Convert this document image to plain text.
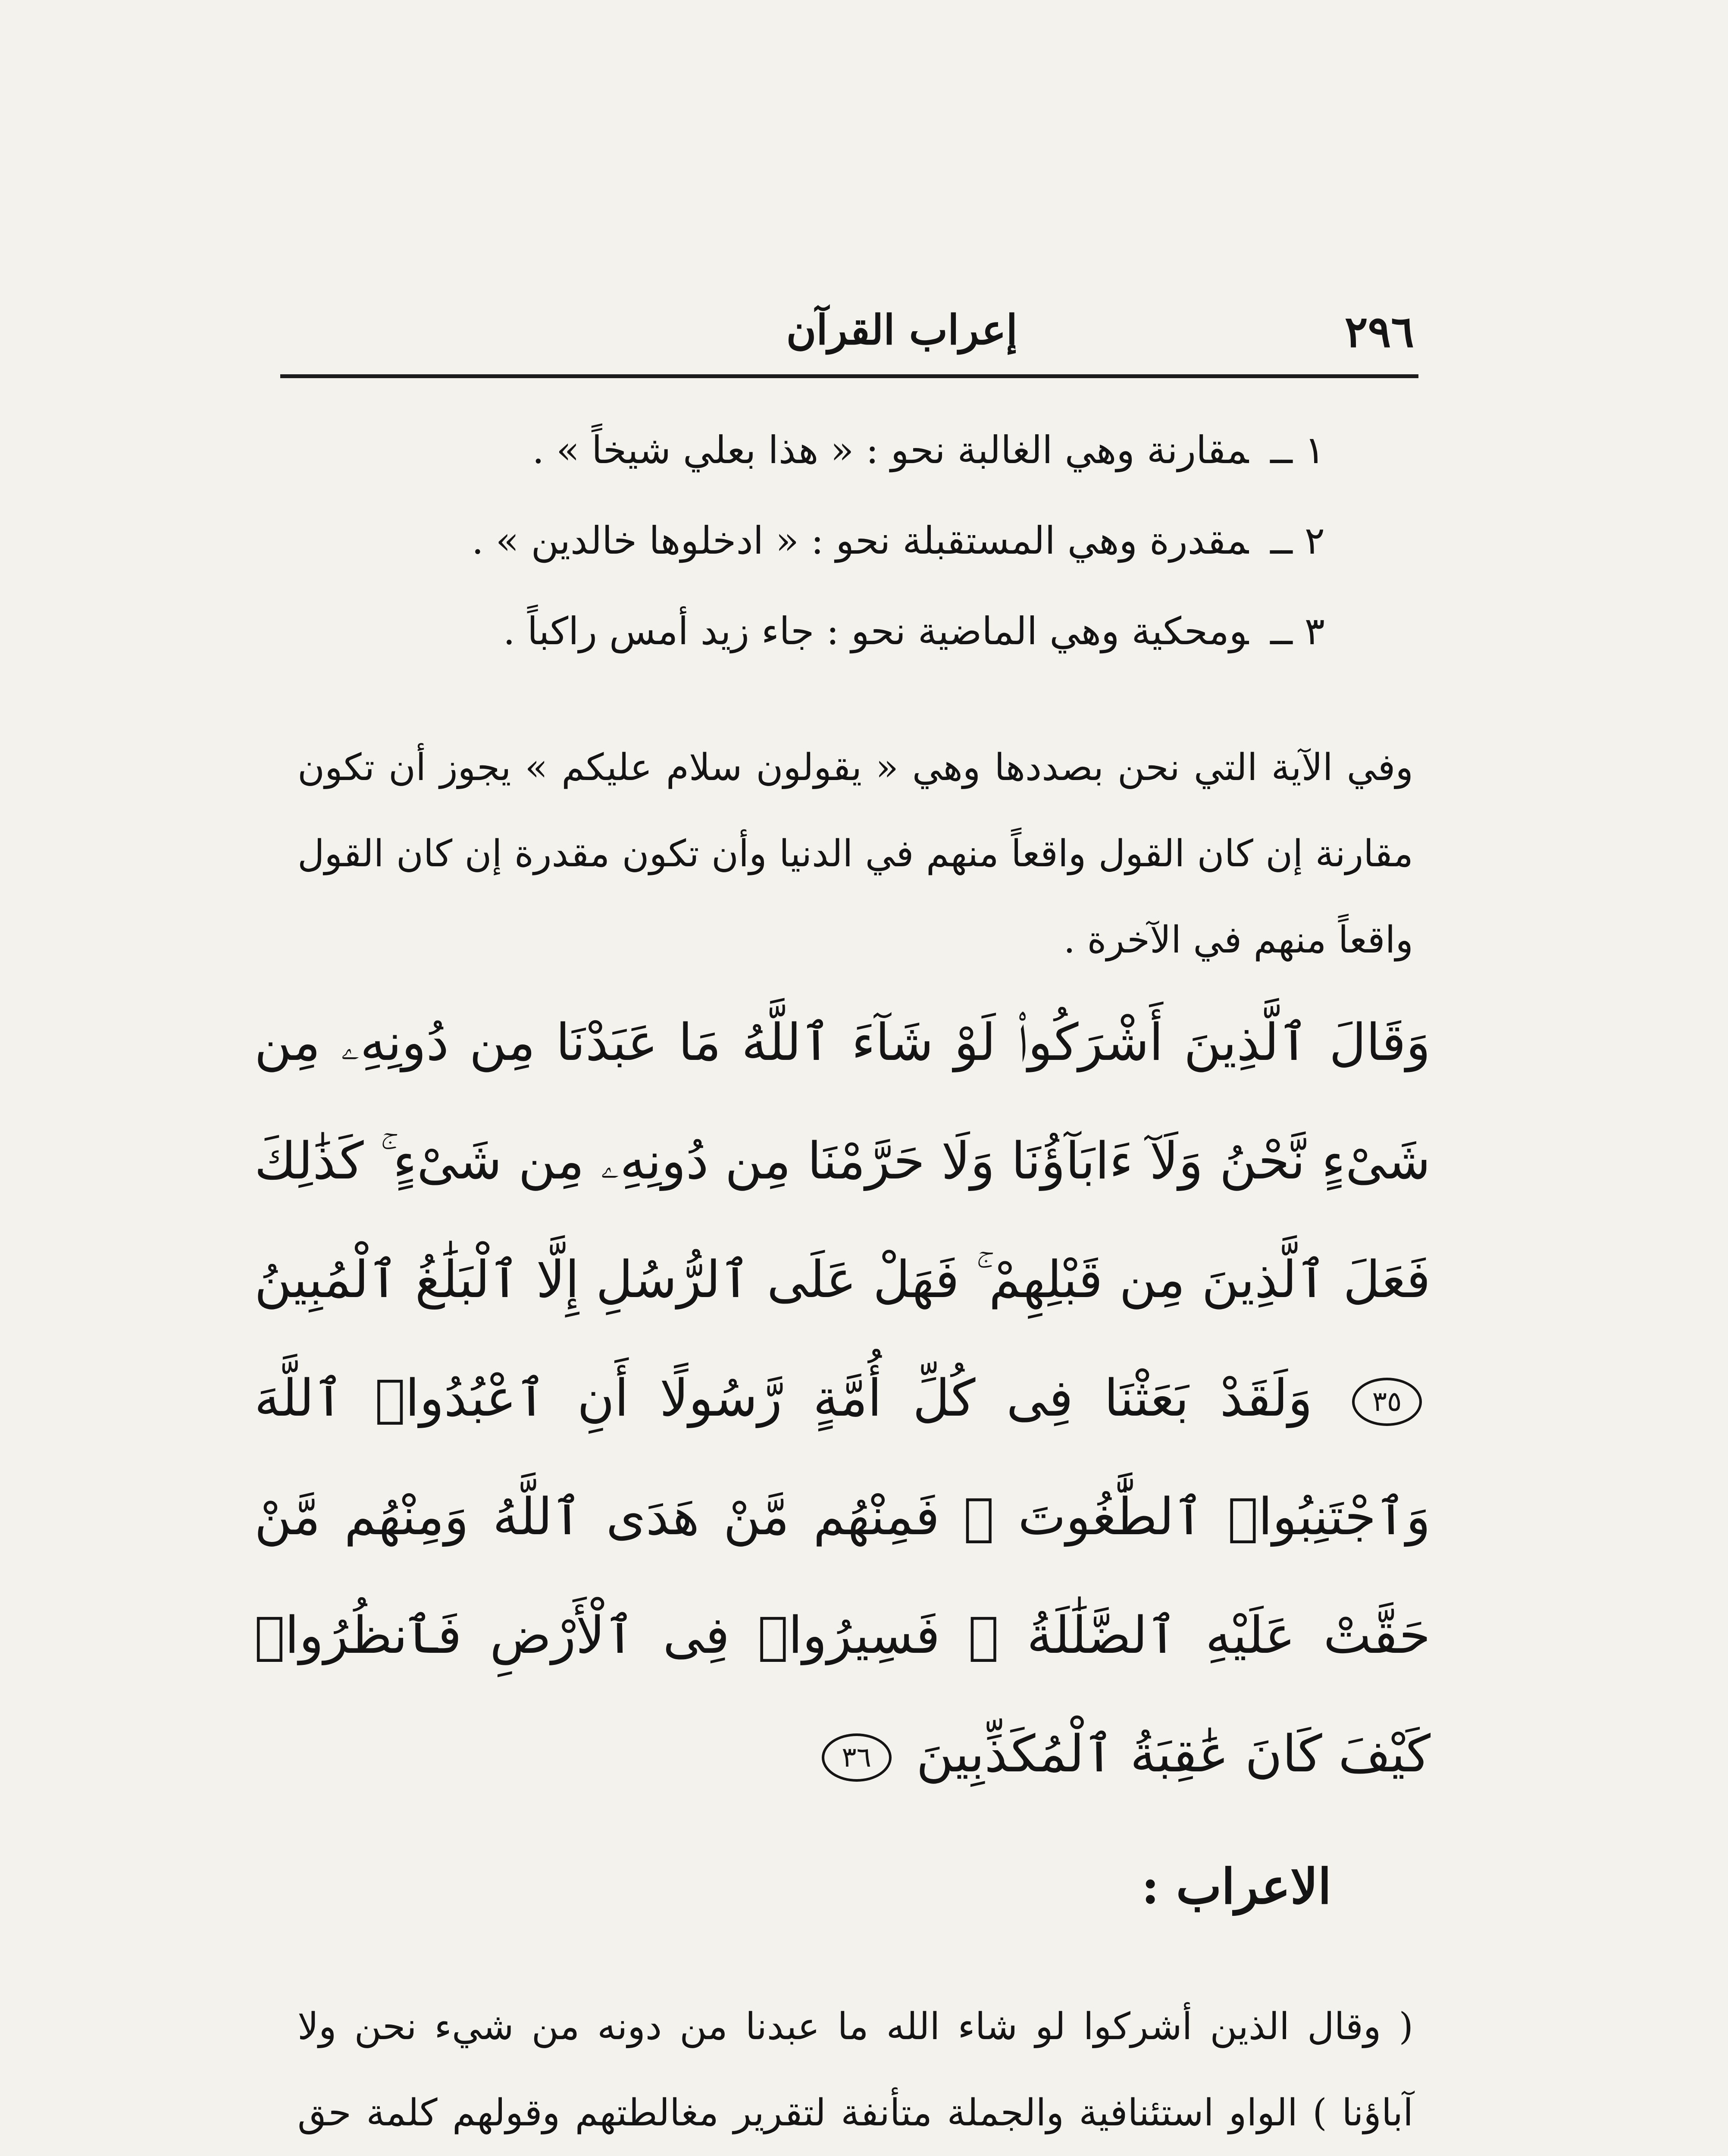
٢٩٦
إعراب القرآن
١ ــمقارنة وهي الغالبة نحو : « هذا بعلي شيخاً » .
٢ ــمقدرة وهي المستقبلة نحو : « ادخلوها خالدين » .
٣ ــومحكية وهي الماضية نحو : جاء زيد أمس راكباً .
وفي الآية التي نحن بصددها وهي « يقولون سلام عليكم » يجوز أن تكون مقارنة إن كان القول واقعاً منهم في الدنيا وأن تكون مقدرة إن كان القول واقعاً منهم في الآخرة .
وَقَالَ ٱلَّذِينَ أَشْرَكُوا۟ لَوْ شَآءَ ٱللَّهُ مَا عَبَدْنَا مِن دُونِهِۦ مِن شَىْءٍ نَّحْنُ وَلَآ ءَابَآؤُنَا وَلَا حَرَّمْنَا مِن دُونِهِۦ مِن شَىْءٍ ۚ كَذَٰلِكَ فَعَلَ ٱلَّذِينَ مِن قَبْلِهِمْ ۚ فَهَلْ عَلَى ٱلرُّسُلِ إِلَّا ٱلْبَلَٰغُ ٱلْمُبِينُ ٣٥ وَلَقَدْ بَعَثْنَا فِى كُلِّ أُمَّةٍ رَّسُولًا أَنِ ٱعْبُدُوا۟ ٱللَّهَ وَٱجْتَنِبُوا۟ ٱلطَّٰغُوتَ ۖ فَمِنْهُم مَّنْ هَدَى ٱللَّهُ وَمِنْهُم مَّنْ حَقَّتْ عَلَيْهِ ٱلضَّلَٰلَةُ ۚ فَسِيرُوا۟ فِى ٱلْأَرْضِ فَٱنظُرُوا۟ كَيْفَ كَانَ عَٰقِبَةُ ٱلْمُكَذِّبِينَ ٣٦
الاعراب :
( وقال الذين أشركوا لو شاء الله ما عبدنا من دونه من شيء نحن ولا آباؤنا ) الواو استئنافية والجملة متأنفة لتقرير مغالطتهم وقولهم كلمة حق
